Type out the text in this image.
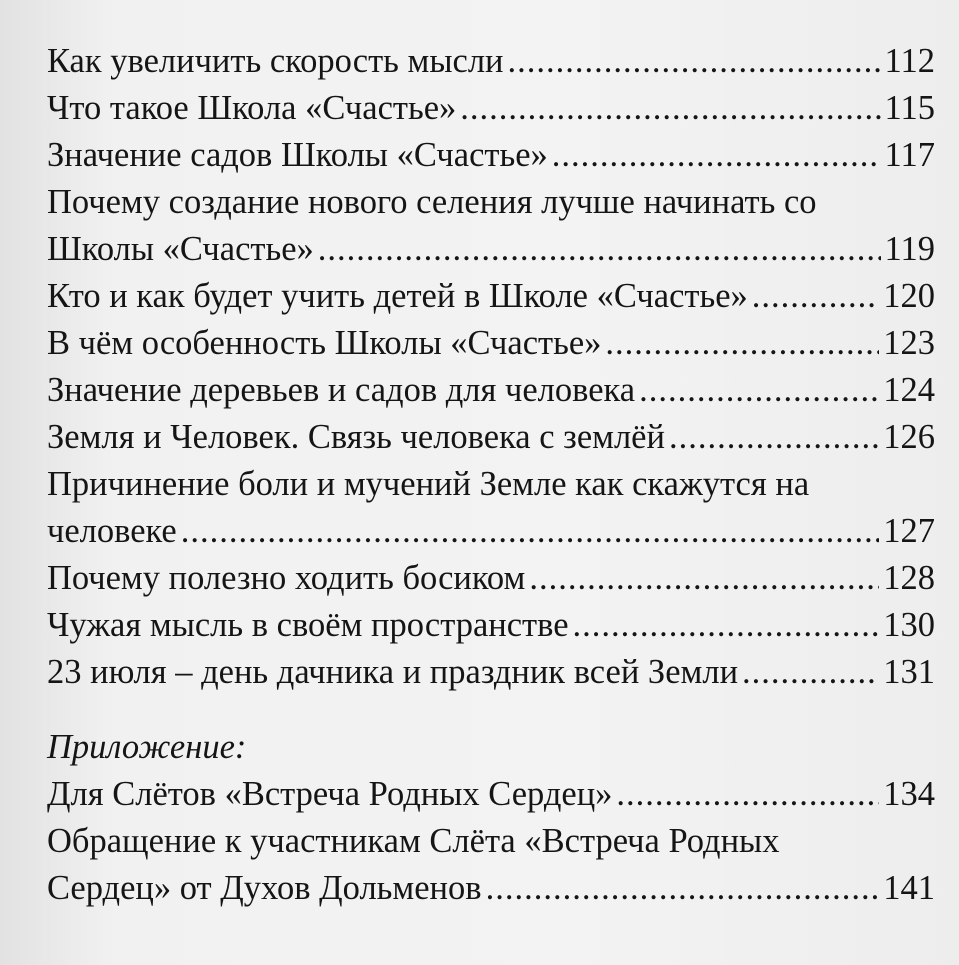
Как увеличить скорость мысли .....	112
Что такое Школа «Счастье» .....	115
Значение садов Школы «Счастье» .....	117
Почему создание нового селения лучше начинать со
Школы «Счастье» .....	119
Кто и как будет учить детей в Школе «Счастье» .....	120
В чём особенность Школы «Счастье» .....	123
Значение деревьев и садов для человека .....	124
Земля и Человек. Связь человека с землёй .....	126
Причинение боли и мучений Земле как скажутся на
человеке .....	127
Почему полезно ходить босиком .....	128
Чужая мысль в своём пространстве .....	130
23 июля – день дачника и праздник всей Земли .....	131
Приложение:
Для Слётов «Встреча Родных Сердец» .....	134
Обращение к участникам Слёта «Встреча Родных
Сердец» от Духов Дольменов .....	141
